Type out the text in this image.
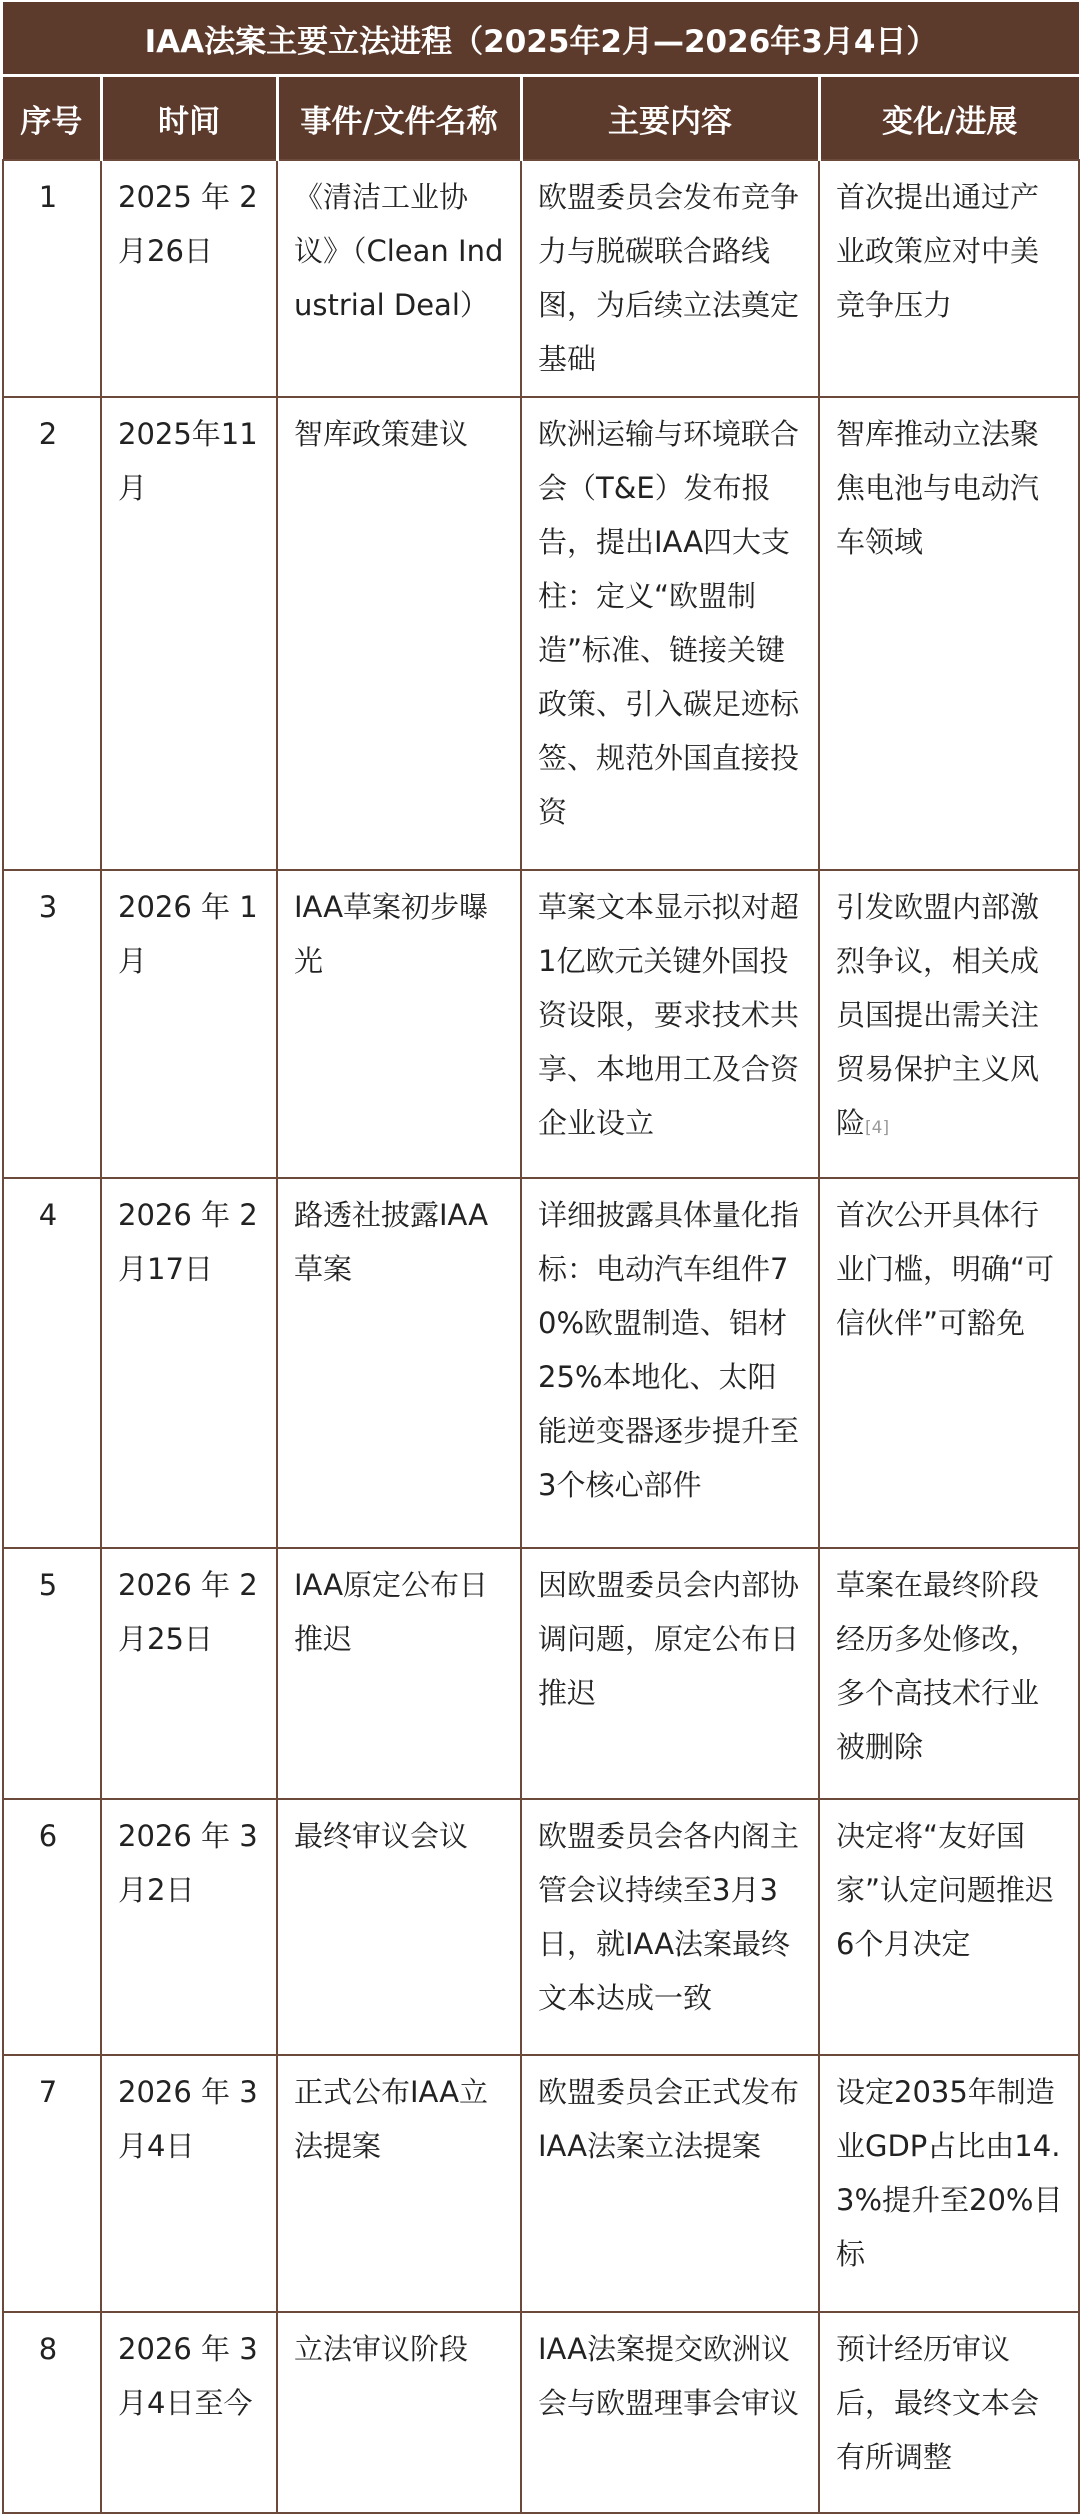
IAA法案主要立法进程（2025年2月—2026年3月4日）				
序号	时间	事件/文件名称	主要内容	变化/进展
1	2025 年 2 月26日	《清洁工业协议》（Clean Industrial Deal）	欧盟委员会发布竞争力与脱碳联合路线图，为后续立法奠定基础	首次提出通过产业政策应对中美竞争压力
2	2025年11月	智库政策建议	欧洲运输与环境联合会（T&E）发布报告，提出IAA四大支柱：定义“欧盟制造”标准、链接关键政策、引入碳足迹标签、规范外国直接投资	智库推动立法聚焦电池与电动汽车领域
3	2026 年 1 月	IAA草案初步曝光	草案文本显示拟对超1亿欧元关键外国投资设限，要求技术共享、本地用工及合资企业设立	引发欧盟内部激烈争议，相关成员国提出需关注贸易保护主义风险[4]
4	2026 年 2 月17日	路透社披露IAA草案	详细披露具体量化指标：电动汽车组件70%欧盟制造、铝材25%本地化、太阳能逆变器逐步提升至3个核心部件	首次公开具体行业门槛，明确“可信伙伴”可豁免
5	2026 年 2 月25日	IAA原定公布日推迟	因欧盟委员会内部协调问题，原定公布日推迟	草案在最终阶段经历多处修改，多个高技术行业被删除
6	2026 年 3 月2日	最终审议会议	欧盟委员会各内阁主管会议持续至3月3日，就IAA法案最终文本达成一致	决定将“友好国家”认定问题推迟6个月决定
7	2026 年 3 月4日	正式公布IAA立法提案	欧盟委员会正式发布IAA法案立法提案	设定2035年制造业GDP占比由14.3%提升至20%目标
8	2026 年 3 月4日至今	立法审议阶段	IAA法案提交欧洲议会与欧盟理事会审议	预计经历审议后，最终文本会有所调整
